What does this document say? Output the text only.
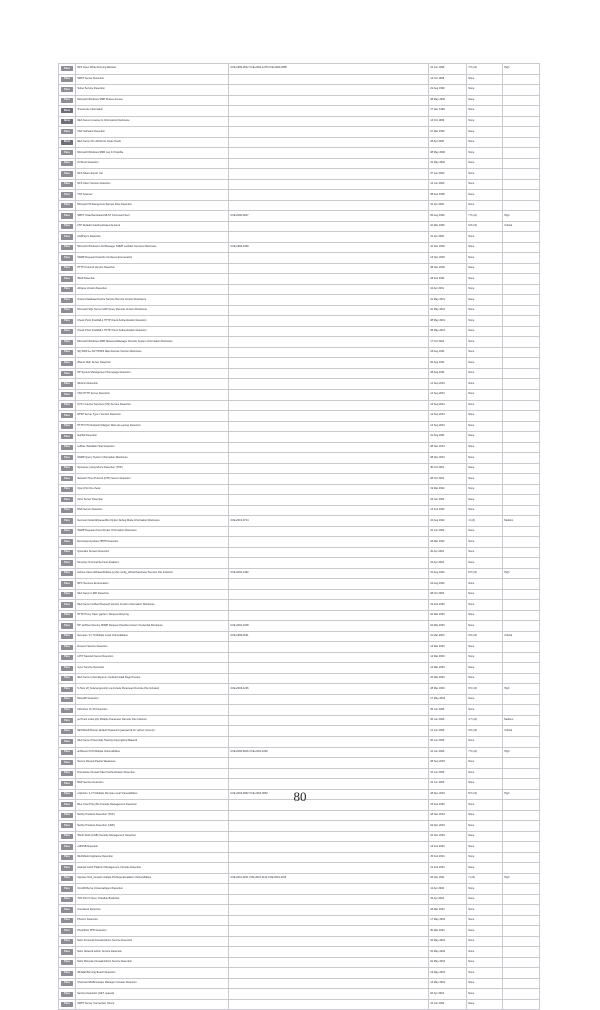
Pass	NFS Open Write Retrying Allowed	CVE-1999-0512 CVE-2002-1278 CVE-2000-0585	22 Jun 1999	7.5 (v2)	High
Pass	SMTP Server Detection		13 Oct 1999	None	
Pass	Telnet Service Detection		22 Aug 1999	None	
Pass	Microsoft Windows SMB Shares Access		08 May 2000	None	
None	Traceroute Information		27 Nov 1999	None	
None	Web Server reverse its Information Disclosure		13 Oct 1999	None	
Pass	VNC Software Detection		07 Mar 2000	None	
None	Web Server No 404 Error Code Check		28 Apr 2000	None	
Pass	Microsoft Windows SMB Log In Possible		08 May 2000	None	
Pass	CVSroot Detection		10 May 2000	None	
Pass	NFS Share Export List		07 Jun 2000	None	
Pass	NFS Client Version Detection		14 Jun 2000	None	
Pass	TCP Scanner		28 Feb 2008	None	
Pass	Microsoft IIS Dangerous Sample Files Detection		10 Apr 2000	None	
Pass	SMTP Unauthenticated MLST Command Sent	CVE-2000-0647	05 Aug 2000	7.5 (v2)	High
Pass	FTP Default Unauthenticated Account		10 Mar 2000	9.8 (v3)	Critical
Pass	LDAPsync Detection		22 Apr 2000	None	
Pass	Microsoft Windows LAN Manager SNMP LanMan Services Disclosure	CVE-1999-0499	10 Nov 2000	None	
Pass	SNMP Request Network Interfaces Enumeration		13 Nov 2000	None	
Pass	HTTP Protocol Version Detection		08 Nov 2000	None	
Pass	IMAP Detection		28 Feb 2001	None	
Pass	uRogue Version Detection		10 Apr 2001	None	
Pass	Oracle Database/Invoice Service Remote Version Disclosure		01 May 2001	None	
Pass	Microsoft SQL Server UDP Query Remote Version Disclosure		02 May 2001	None	
Pass	Check Point FireWall-1 HTTP Client Authentication Detection		08 May 2001	None	
Pass	Check Point FireWall-1 HTTP Client Authentication Detection		08 May 2001	None	
Pass	Microsoft Windows SMB NativeLanManager Remote System Information Disclosure		17 Oct 2001	None	
Pass	SQ 3000 A+ AUTHORS Map Remote Version Disclosure		23 Aug 2001	None	
Pass	iPlanet Web Server Detection		06 Aug 2001	None	
Pass	HP System Management Homepage Detection		28 Aug 2001	None	
Pass	Webmin Detection		14 Sep 2001	None	
Pass	VNC HTTP Server Detection		14 Sep 2001	None	
Pass	CVS / Internet Services (CS) Service Detection		14 Sep 2001	None	
Pass	RTSP Server Type / Version Detection		14 Sep 2001	None	
Pass	HTTP NTC Endpoint Mapper Web-rpc-epmap Detection		14 Sep 2001	None	
Pass	IsaHttd Detection		22 Aug 2001	None	
Pass	LeMule TabsWeb Host Detection		08 Nov 2001	None	
Pass	SNMP Query System Information Disclosure		08 Nov 2001	None	
Pass	Symantec pcAnywhere Detection (TCP)		30 Oct 2001	None	
Pass	Network Time Protocol (NTP) Server Detection		08 Oct 2001	None	
Pass	Open Port Re-check		19 Mar 2002	None	
Pass	Citrix Server Detection		03 Jan 2002	None	
Pass	DNS Server Detection		13 Feb 2002	None	
Pass	Gemtest NetworkQueueMon Option Debug Mode Information Disclosure	CVE-2001-0714	16 Aug 2002	4 (v3)	Medium
Pass	SNMP Request Cisco Router Information Disclosure		04 Jun 2002	None	
Pass	Remoteproxyshare HHHP Detection		03 Mar 2002	None	
Pass	Quovadis Servers Detection		20 Apr 2002	None	
Pass	Directory Terminal Services Enabled		22 Apr 2002	None	
Pass	Authex-class elfcldeselfcldsite.js php config_ulhost Parameter Remote File Inclusion	CVE-2002-1492	22 Aug 2002	8.5 (v3)	High
Pass	RPC Services Enumeration		04 Aug 2002	None	
Pass	Web Server LDID Detection		08 Oct 2002	None	
Pass	Web Server Coffeet Request Version Version Information Disclosure		19 Feb 2003	None	
Pass	HTTP Proxy Open gopher / Request Retyring		02 Mar 2003	None	
Pass	HP JetDirect Device SNMP Request Checktext lorem Credential Disclosure	CVE-2002-1048	04 Mar 2003	None	
Pass	Gemtest / 4.7.9 Multiple Local Vulnerabilities	CVE-1999-0151	11 Mar 2003	9.8 (v3)	Critical
Pass	Dovecot Service Detection		13 Mar 2003	None	
Pass	L2TP Network Server Detection		14 Mar 2003	None	
Pass	rsync Service Detection		14 Mar 2003	None	
Pass	Web Server phconfigured - Default Install Page Present		26 Mar 2003	None	
Pass	S-Hem off_bvla langscurity req include Parameter Remote File Inclusion	CVE-2003-1236	28 Mar 2003	8.5 (v3)	High
Pass	MonaSP Detection		27 May 2003	None	
Pass	URLScan for IIS Detection		05 Jun 2003	None	
Pass	perTrack index.php Multiple Parameter Remote File Inclusion		06 Jun 2003	4.7 (v3)	Medium
Pass	NETGEAR Router Default Password (password) for 'admin' Account		12 Jun 2003	9.8 (v3)	Critical
Pass	Web Server Potentially Hosting Copyrighted Material		06 Jun 2003	None	
Pass	achNews CVS Multiple Vulnerabilities	CVE-2006-6916 CVE-2001-1090	22 Jun 2003	7.5 (v3)	High
Pass	Source Routed Packet Weakness		08 Sep 2003	None	
Pass	DroneGate Firewall Client Authentication Detection		16 Jun 2003	None	
Pass	BGP Service Detection		22 Jun 2003	None	
Pass	ezphotis / 1.2.5 Multiple Remote Local Vulnerabilities	CVE-2004-3952 CVE-2004-3952	28 Dec 2004	8.5 (v3)	High
Pass	Blue Coat ProxySG Console Management Detection		23 Feb 2003	None	
Pass	NetOp Products Detection (TCP)		18 Nov 2004	None	
Pass	NetOp Products Detection (UDP)		04 Nov 2004	None	
Pass	Tiktok Work (KGB) Console Management Detection		04 Nov 2004	None	
Pass	ezPASB Detection		13 Feb 2004	None	
Pass	WebShield Appliance Detection		25 Feb 2004	None	
Pass	Avantek AJAX Platform Management Console Detection		21 Feb 2004	None	
Pass	Appstex.html_sunadv multiple Privilege Escalation Vulnerabilities	CVE-2001-1151 CVE-2001-1142 CVE-2001-1153	06 Nov 2011	7 (v3)	High
Pass	CA ARCServe UniversalAgent Detection		12 Apr 2004	None	
Pass	TCP Port 0 Open: Possible Backdoor		26 Apr 2004	None	
Pass	CoreNews Detection		03 Mar 2004	None	
Pass	Phorum Detection		17 May 2004	None	
Pass	PhotoPost PHP Detection		30 Mar 2004	None	
Pass	Nativ Personal Firewall Admin Service Detection		02 May 2004	None	
Pass	Nativ Network Admin Service Detection		02 May 2004	None	
Pass	Nativ Wincode Firewall Admin Service Detection		02 May 2004	None	
Pass	WinMail Burning Beach Detection		13 May 2004	None	
Pass	Charcoal SRVEnvelope Manager Console Detection		13 May 2004	None	
Pass	Service Detection (GET request)		06 Apr 2004	None	
Pass	SMTP Server Connection Check		16 Jun 2004	None	
80
